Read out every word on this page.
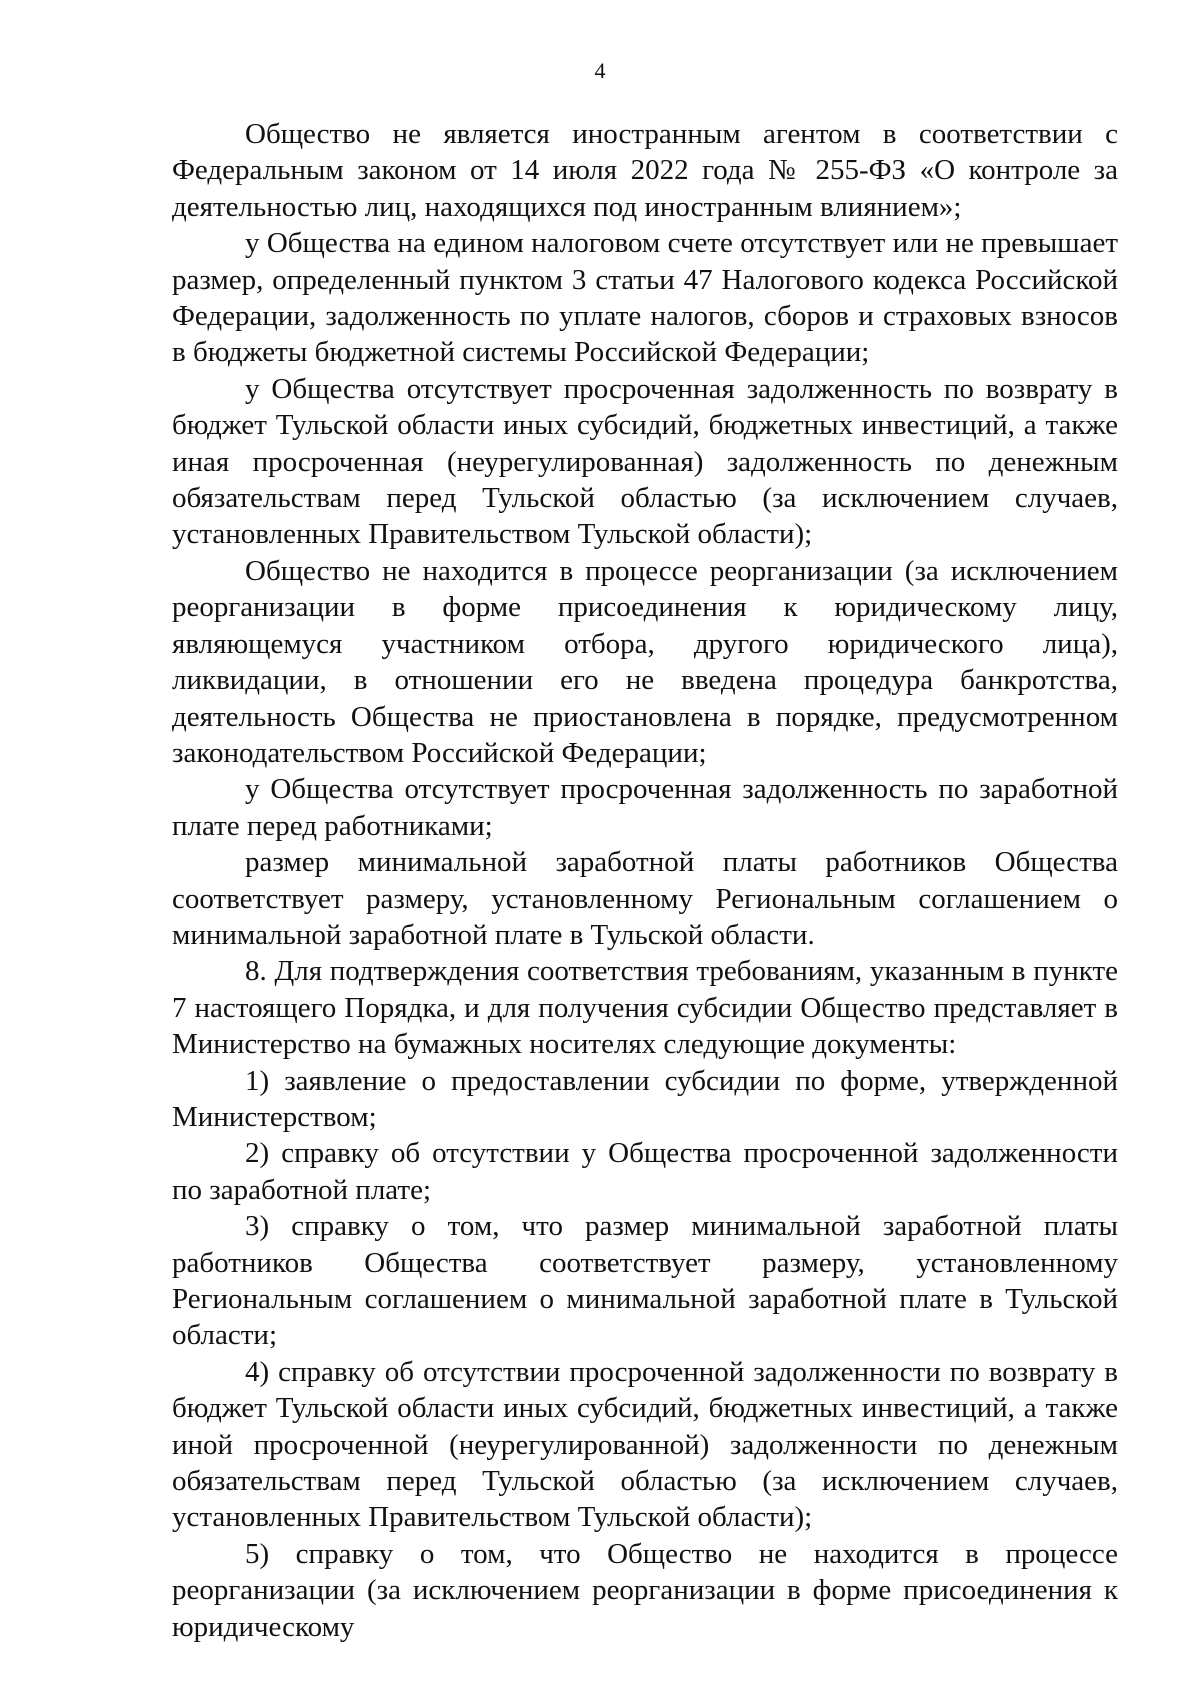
4

Общество не является иностранным агентом в соответствии с Федеральным законом от 14 июля 2022 года № 255-ФЗ «О контроле за деятельностью лиц, находящихся под иностранным влиянием»;

у Общества на едином налоговом счете отсутствует или не превышает размер, определенный пунктом 3 статьи 47 Налогового кодекса Российской Федерации, задолженность по уплате налогов, сборов и страховых взносов в бюджеты бюджетной системы Российской Федерации;

у Общества отсутствует просроченная задолженность по возврату в бюджет Тульской области иных субсидий, бюджетных инвестиций, а также иная просроченная (неурегулированная) задолженность по денежным обязательствам перед Тульской областью (за исключением случаев, установленных Правительством Тульской области);

Общество не находится в процессе реорганизации (за исключением реорганизации в форме присоединения к юридическому лицу, являющемуся участником отбора, другого юридического лица), ликвидации, в отношении его не введена процедура банкротства, деятельность Общества не приостановлена в порядке, предусмотренном законодательством Российской Федерации;

у Общества отсутствует просроченная задолженность по заработной плате перед работниками;

размер минимальной заработной платы работников Общества соответствует размеру, установленному Региональным соглашением о минимальной заработной плате в Тульской области.

8. Для подтверждения соответствия требованиям, указанным в пункте 7 настоящего Порядка, и для получения субсидии Общество представляет в Министерство на бумажных носителях следующие документы:

1) заявление о предоставлении субсидии по форме, утвержденной Министерством;

2) справку об отсутствии у Общества просроченной задолженности по заработной плате;

3) справку о том, что размер минимальной заработной платы работников Общества соответствует размеру, установленному Региональным соглашением о минимальной заработной плате в Тульской области;

4) справку об отсутствии просроченной задолженности по возврату в бюджет Тульской области иных субсидий, бюджетных инвестиций, а также иной просроченной (неурегулированной) задолженности по денежным обязательствам перед Тульской областью (за исключением случаев, установленных Правительством Тульской области);

5) справку о том, что Общество не находится в процессе реорганизации (за исключением реорганизации в форме присоединения к юридическому
